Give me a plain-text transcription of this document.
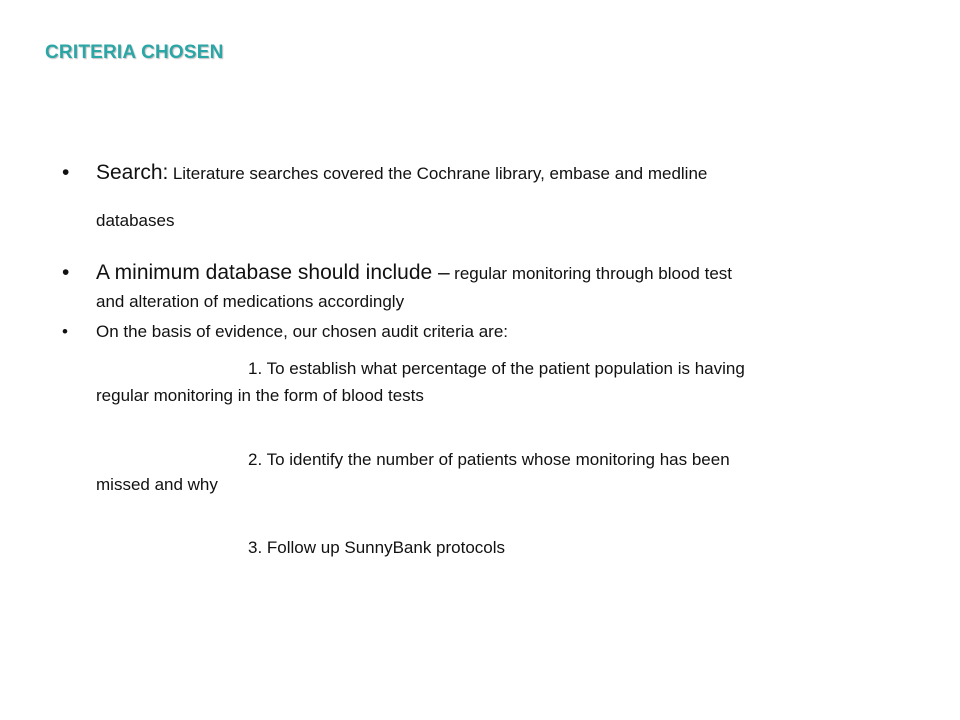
CRITERIA CHOSEN
• Search: Literature searches covered the Cochrane library, embase and medline
databases
• A minimum database should include – regular monitoring through blood test
and alteration of medications accordingly
• On the basis of evidence, our chosen audit criteria are:
1. To establish what percentage of the patient population is having
regular monitoring in the form of blood tests
2. To identify the number of patients whose monitoring has been
missed and why
3. Follow up SunnyBank protocols
